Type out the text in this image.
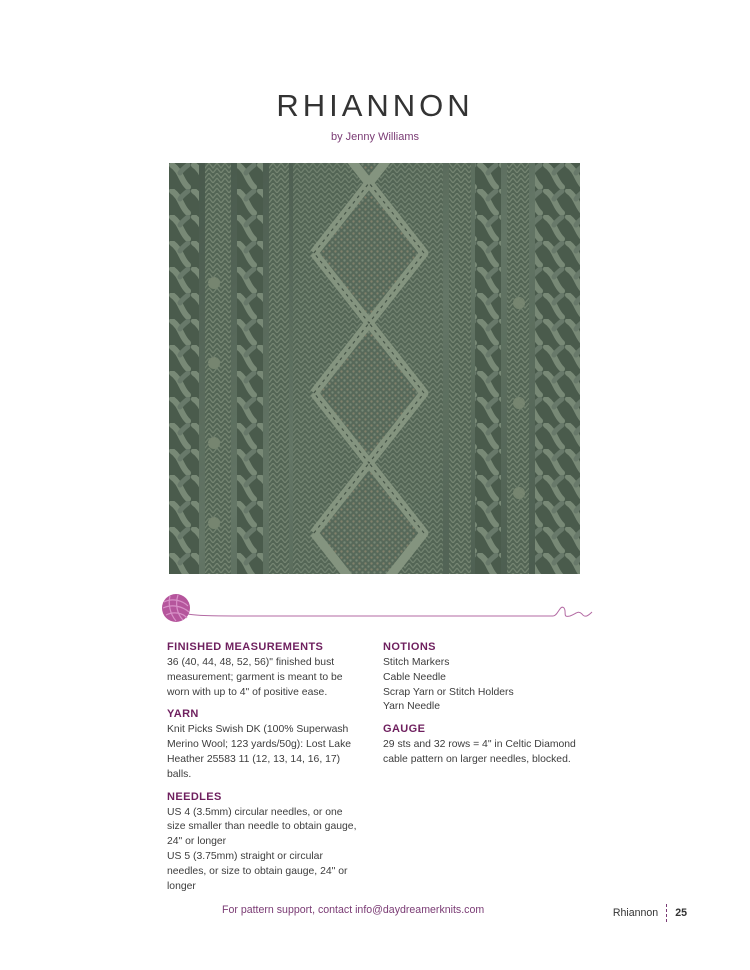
RHIANNON
by Jenny Williams
FINISHED MEASUREMENTS
36 (40, 44, 48, 52, 56)" finished bust
measurement; garment is meant to be
worn with up to 4" of positive ease.
YARN
Knit Picks Swish DK (100% Superwash
Merino Wool; 123 yards/50g): Lost Lake
Heather 25583 11 (12, 13, 14, 16, 17) balls.
NEEDLES
US 4 (3.5mm) circular needles, or one
size smaller than needle to obtain gauge,
24" or longer
US 5 (3.75mm) straight or circular
needles, or size to obtain gauge, 24" or
longer
NOTIONS
Stitch Markers
Cable Needle
Scrap Yarn or Stitch Holders
Yarn Needle
GAUGE
29 sts and 32 rows = 4" in Celtic Diamond
cable pattern on larger needles, blocked.
For pattern support, contact info@daydreamerknits.com	Rhiannon 25
